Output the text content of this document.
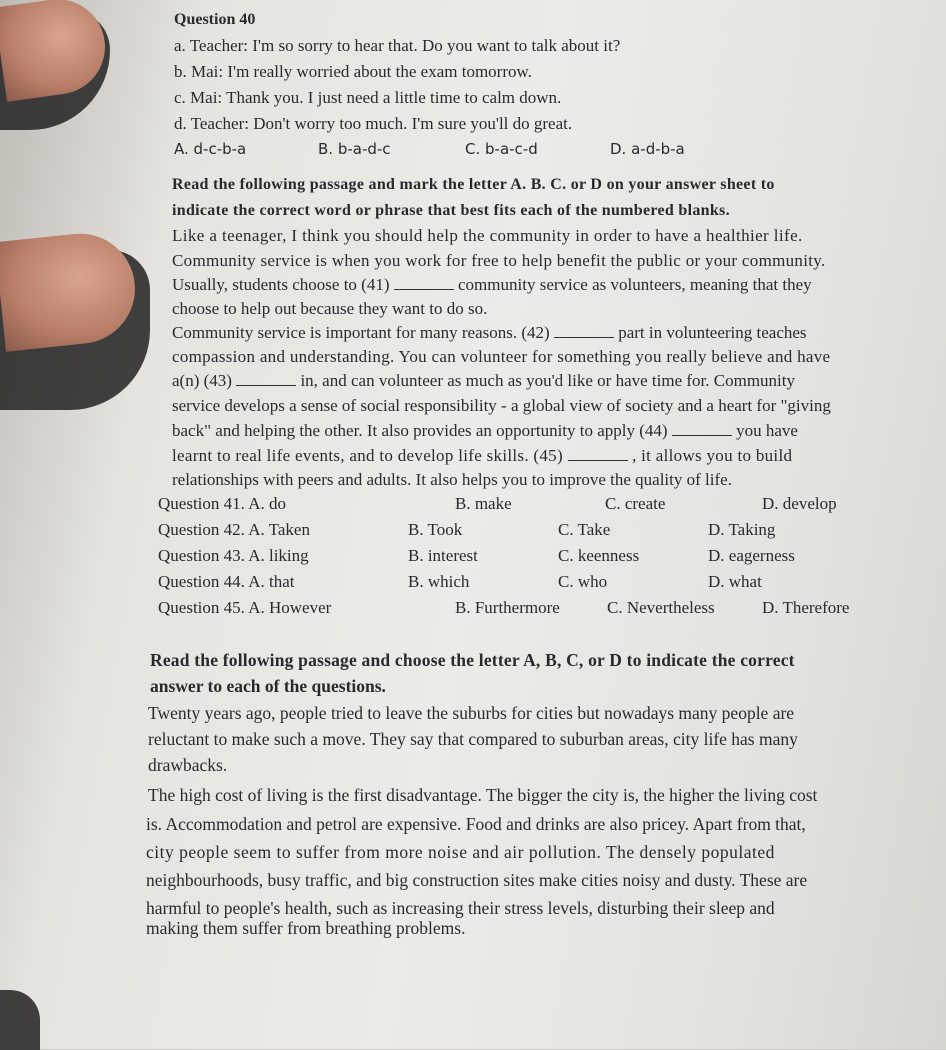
Question 40
a. Teacher: I'm so sorry to hear that. Do you want to talk about it?
b. Mai: I'm really worried about the exam tomorrow.
c. Mai: Thank you. I just need a little time to calm down.
d. Teacher: Don't worry too much. I'm sure you'll do great.
A. d-c-b-a	B. b-a-d-c	C. b-a-c-d	D. a-d-b-a
Read the following passage and mark the letter A. B. C. or D on your answer sheet to
indicate the correct word or phrase that best fits each of the numbered blanks.
Like a teenager, I think you should help the community in order to have a healthier life.
Community service is when you work for free to help benefit the public or your community.
Usually, students choose to (41)	community service as volunteers, meaning that they
choose to help out because they want to do so.
Community service is important for many reasons. (42)	part in volunteering teaches
compassion and understanding. You can volunteer for something you really believe and have
a(n) (43)	in, and can volunteer as much as you'd like or have time for. Community
service develops a sense of social responsibility - a global view of society and a heart for "giving
back" and helping the other. It also provides an opportunity to apply (44)	you have
learnt to real life events, and to develop life skills. (45)	, it allows you to build
relationships with peers and adults. It also helps you to improve the quality of life.
Question 41. A. do	B. make	C. create	D. develop
Question 42. A. Taken	B. Took	C. Take	D. Taking
Question 43. A. liking	B. interest	C. keenness	D. eagerness
Question 44. A. that	B. which	C. who	D. what
Question 45. A. However	B. Furthermore	C. Nevertheless	D. Therefore
Read the following passage and choose the letter A, B, C, or D to indicate the correct
answer to each of the questions.
Twenty years ago, people tried to leave the suburbs for cities but nowadays many people are
reluctant to make such a move. They say that compared to suburban areas, city life has many
drawbacks.
The high cost of living is the first disadvantage. The bigger the city is, the higher the living cost
is. Accommodation and petrol are expensive. Food and drinks are also pricey. Apart from that,
city people seem to suffer from more noise and air pollution. The densely populated
neighbourhoods, busy traffic, and big construction sites make cities noisy and dusty. These are
harmful to people's health, such as increasing their stress levels, disturbing their sleep and
making them suffer from breathing problems.
